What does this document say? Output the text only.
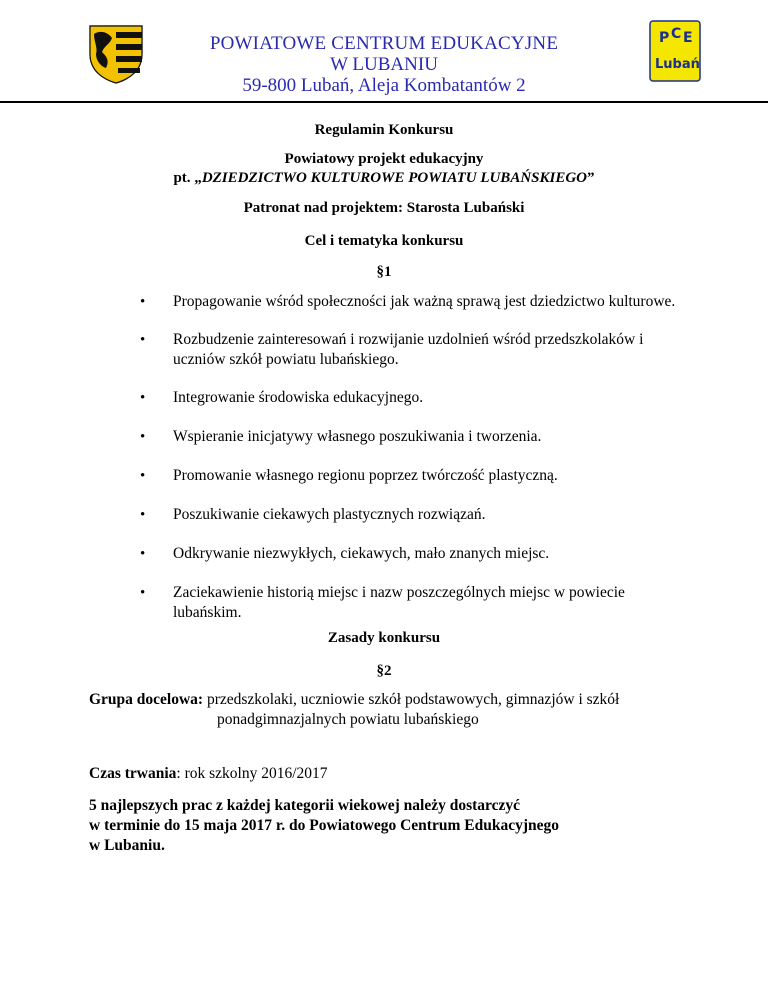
POWIATOWE CENTRUM EDUKACYJNE
W LUBANIU
59-800 Lubań, Aleja Kombatantów 2
P C E
Lubań
Regulamin Konkursu
Powiatowy projekt edukacyjny
pt. „DZIEDZICTWO KULTUROWE POWIATU LUBAŃSKIEGO”
Patronat nad projektem: Starosta Lubański
Cel i tematyka konkursu
§1
• Propagowanie wśród społeczności jak ważną sprawą jest dziedzictwo kulturowe.
• Rozbudzenie zainteresowań i rozwijanie uzdolnień wśród przedszkolaków i uczniów szkół powiatu lubańskiego.
• Integrowanie środowiska edukacyjnego.
• Wspieranie inicjatywy własnego poszukiwania i tworzenia.
• Promowanie własnego regionu poprzez twórczość plastyczną.
• Poszukiwanie ciekawych plastycznych rozwiązań.
• Odkrywanie niezwykłych, ciekawych, mało znanych miejsc.
• Zaciekawienie historią miejsc i nazw poszczególnych miejsc w powiecie lubańskim.
Zasady konkursu
§2
Grupa docelowa: przedszkolaki, uczniowie szkół podstawowych, gimnazjów i szkół
ponadgimnazjalnych powiatu lubańskiego
Czas trwania: rok szkolny 2016/2017
5 najlepszych prac z każdej kategorii wiekowej należy dostarczyć
w terminie do 15 maja 2017 r. do Powiatowego Centrum Edukacyjnego
w Lubaniu.
